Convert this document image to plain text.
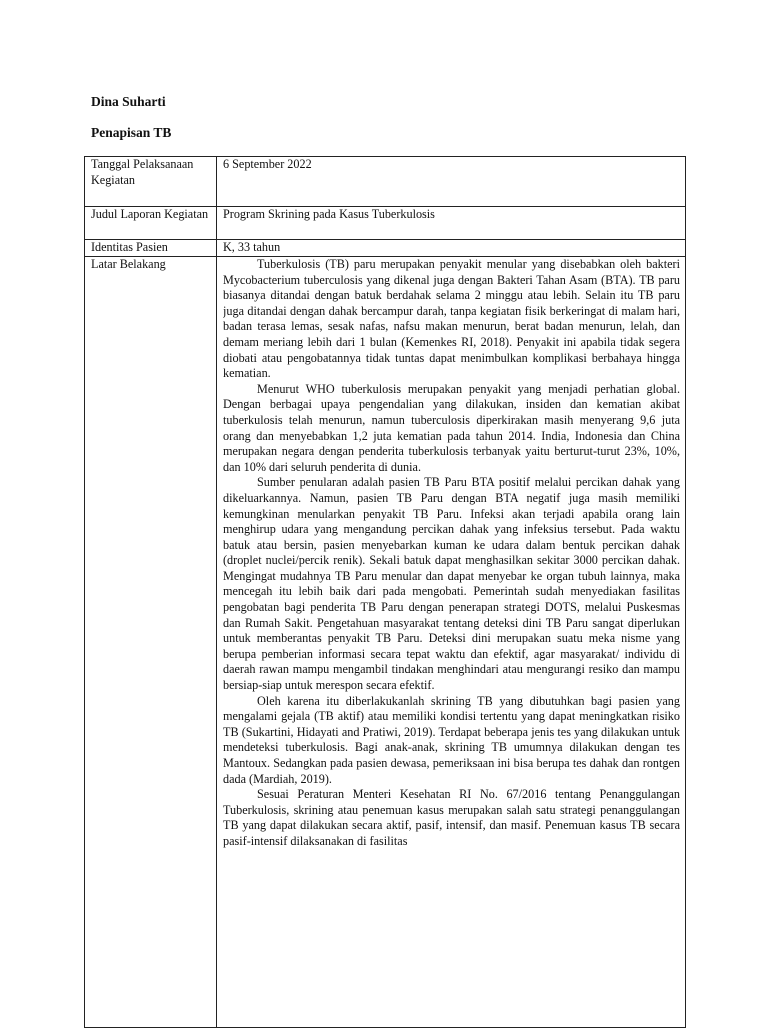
Dina Suharti
Penapisan TB
Tanggal Pelaksanaan Kegiatan	6 September 2022
Judul Laporan Kegiatan	Program Skrining pada Kasus Tuberkulosis
Identitas Pasien	K, 33 tahun
Latar Belakang	Tuberkulosis (TB) paru merupakan penyakit menular yang disebabkan oleh bakteri Mycobacterium tuberculosis yang dikenal juga dengan Bakteri Tahan Asam (BTA). TB paru biasanya ditandai dengan batuk berdahak selama 2 minggu atau lebih. Selain itu TB paru juga ditandai dengan dahak bercampur darah, tanpa kegiatan fisik berkeringat di malam hari, badan terasa lemas, sesak nafas, nafsu makan menurun, berat badan menurun, lelah, dan demam meriang lebih dari 1 bulan (Kemenkes RI, 2018). Penyakit ini apabila tidak segera diobati atau pengobatannya tidak tuntas dapat menimbulkan komplikasi berbahaya hingga kematian.

Menurut WHO tuberkulosis merupakan penyakit yang menjadi perhatian global. Dengan berbagai upaya pengendalian yang dilakukan, insiden dan kematian akibat tuberkulosis telah menurun, namun tuberculosis diperkirakan masih menyerang 9,6 juta orang dan menyebabkan 1,2 juta kematian pada tahun 2014. India, Indonesia dan China merupakan negara dengan penderita tuberkulosis terbanyak yaitu berturut-turut 23%, 10%, dan 10% dari seluruh penderita di dunia.

Sumber penularan adalah pasien TB Paru BTA positif melalui percikan dahak yang dikeluarkannya. Namun, pasien TB Paru dengan BTA negatif juga masih memiliki kemungkinan menularkan penyakit TB Paru. Infeksi akan terjadi apabila orang lain menghirup udara yang mengandung percikan dahak yang infeksius tersebut. Pada waktu batuk atau bersin, pasien menyebarkan kuman ke udara dalam bentuk percikan dahak (droplet nuclei/percik renik). Sekali batuk dapat menghasilkan sekitar 3000 percikan dahak. Mengingat mudahnya TB Paru menular dan dapat menyebar ke organ tubuh lainnya, maka mencegah itu lebih baik dari pada mengobati. Pemerintah sudah menyediakan fasilitas pengobatan bagi penderita TB Paru dengan penerapan strategi DOTS, melalui Puskesmas dan Rumah Sakit. Pengetahuan masyarakat tentang deteksi dini TB Paru sangat diperlukan untuk memberantas penyakit TB Paru. Deteksi dini merupakan suatu meka nisme yang berupa pemberian informasi secara tepat waktu dan efektif, agar masyarakat/ individu di daerah rawan mampu mengambil tindakan menghindari atau mengurangi resiko dan mampu bersiap-siap untuk merespon secara efektif.

Oleh karena itu diberlakukanlah skrining TB yang dibutuhkan bagi pasien yang mengalami gejala (TB aktif) atau memiliki kondisi tertentu yang dapat meningkatkan risiko TB (Sukartini, Hidayati and Pratiwi, 2019). Terdapat beberapa jenis tes yang dilakukan untuk mendeteksi tuberkulosis. Bagi anak-anak, skrining TB umumnya dilakukan dengan tes Mantoux. Sedangkan pada pasien dewasa, pemeriksaan ini bisa berupa tes dahak dan rontgen dada (Mardiah, 2019).

Sesuai Peraturan Menteri Kesehatan RI No. 67/2016 tentang Penanggulangan Tuberkulosis, skrining atau penemuan kasus merupakan salah satu strategi penanggulangan TB yang dapat dilakukan secara aktif, pasif, intensif, dan masif. Penemuan kasus TB secara pasif-intensif dilaksanakan di fasilitas
